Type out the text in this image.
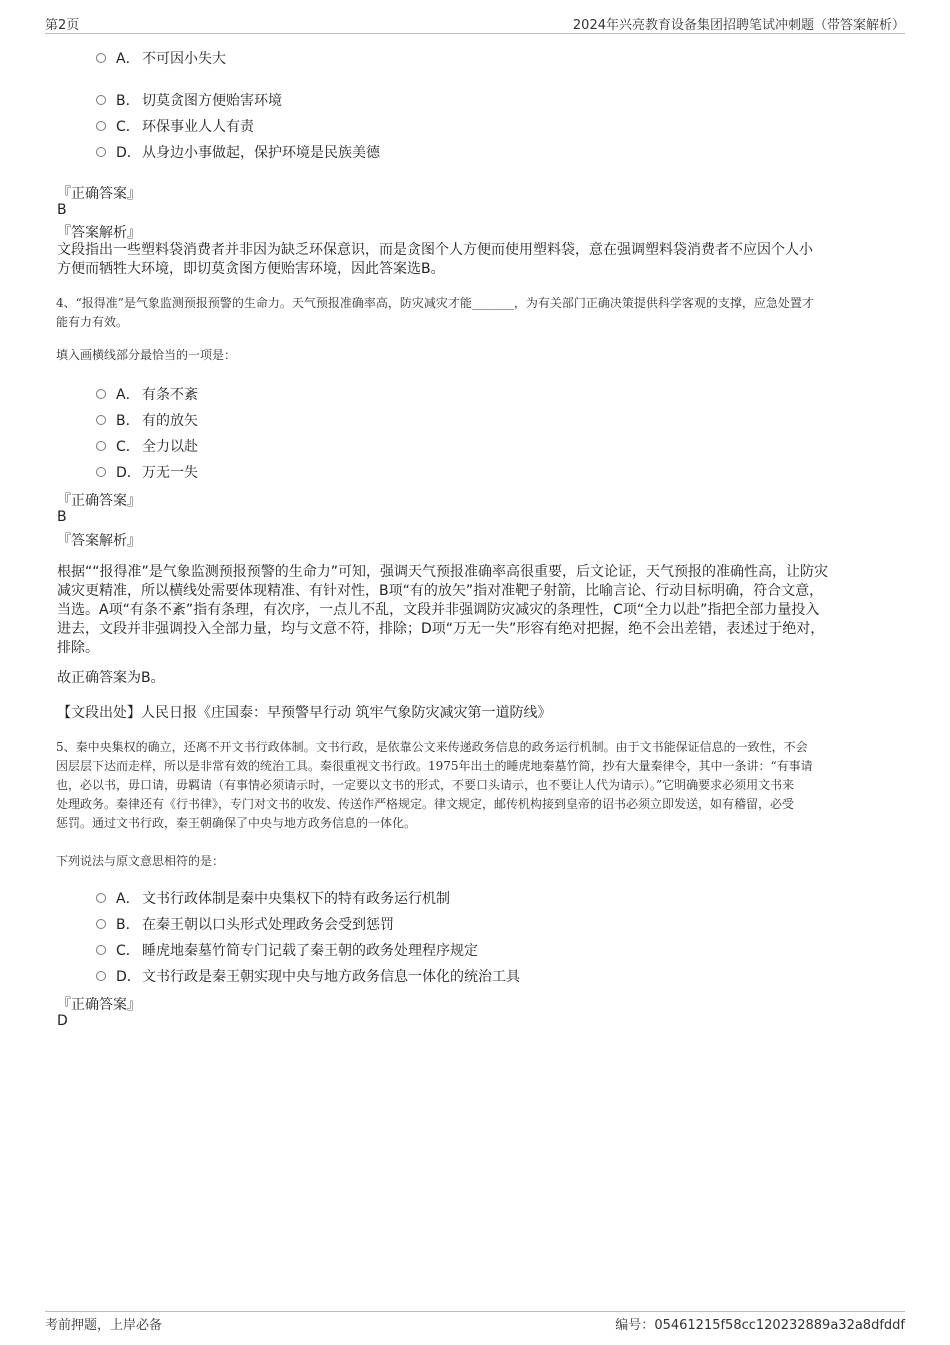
第2页	2024年兴亮教育设备集团招聘笔试冲刺题（带答案解析）
A． 不可因小失大
B． 切莫贪图方便贻害环境
C． 环保事业人人有责
D．从身边小事做起，保护环境是民族美德
『正确答案』
B
『答案解析』
文段指出一些塑料袋消费者并非因为缺乏环保意识，而是贪图个人方便而使用塑料袋，意在强调塑料袋消费者不应因个人小
方便而牺牲大环境，即切莫贪图方便贻害环境，因此答案选B。
4、“报得准”是气象监测预报预警的生命力。天气预报准确率高，防灾减灾才能_______，为有关部门正确决策提供科学客观的支撑，应急处置才
能有力有效。
填入画横线部分最恰当的一项是：
A． 有条不紊
B． 有的放矢
C． 全力以赴
D．万无一失
『正确答案』
B
『答案解析』
根据““报得准”是气象监测预报预警的生命力”可知，强调天气预报准确率高很重要，后文论证，天气预报的准确性高，让防灾
减灾更精准，所以横线处需要体现精准、有针对性，B项“有的放矢”指对准靶子射箭，比喻言论、行动目标明确，符合文意，
当选。A项“有条不紊”指有条理，有次序，一点儿不乱，文段并非强调防灾减灾的条理性，C项“全力以赴”指把全部力量投入
进去，文段并非强调投入全部力量，均与文意不符，排除；D项“万无一失”形容有绝对把握，绝不会出差错，表述过于绝对，
排除。
故正确答案为B。
【文段出处】人民日报《庄国泰：早预警早行动 筑牢气象防灾减灾第一道防线》
5、秦中央集权的确立，还离不开文书行政体制。文书行政，是依靠公文来传递政务信息的政务运行机制。由于文书能保证信息的一致性，不会
因层层下达而走样，所以是非常有效的统治工具。秦很重视文书行政。1975年出土的睡虎地秦墓竹简，抄有大量秦律令，其中一条讲：“有事请
也，必以书，毋口请，毋羁请（有事情必须请示时，一定要以文书的形式，不要口头请示，也不要让人代为请示）。”它明确要求必须用文书来
处理政务。秦律还有《行书律》，专门对文书的收发、传送作严格规定。律文规定，邮传机构接到皇帝的诏书必须立即发送，如有稽留，必受
惩罚。通过文书行政，秦王朝确保了中央与地方政务信息的一体化。
下列说法与原文意思相符的是：
A． 文书行政体制是秦中央集权下的特有政务运行机制
B． 在秦王朝以口头形式处理政务会受到惩罚
C． 睡虎地秦墓竹简专门记载了秦王朝的政务处理程序规定
D．文书行政是秦王朝实现中央与地方政务信息一体化的统治工具
『正确答案』
D
考前押题，上岸必备	编号：05461215f58cc120232889a32a8dfddf
